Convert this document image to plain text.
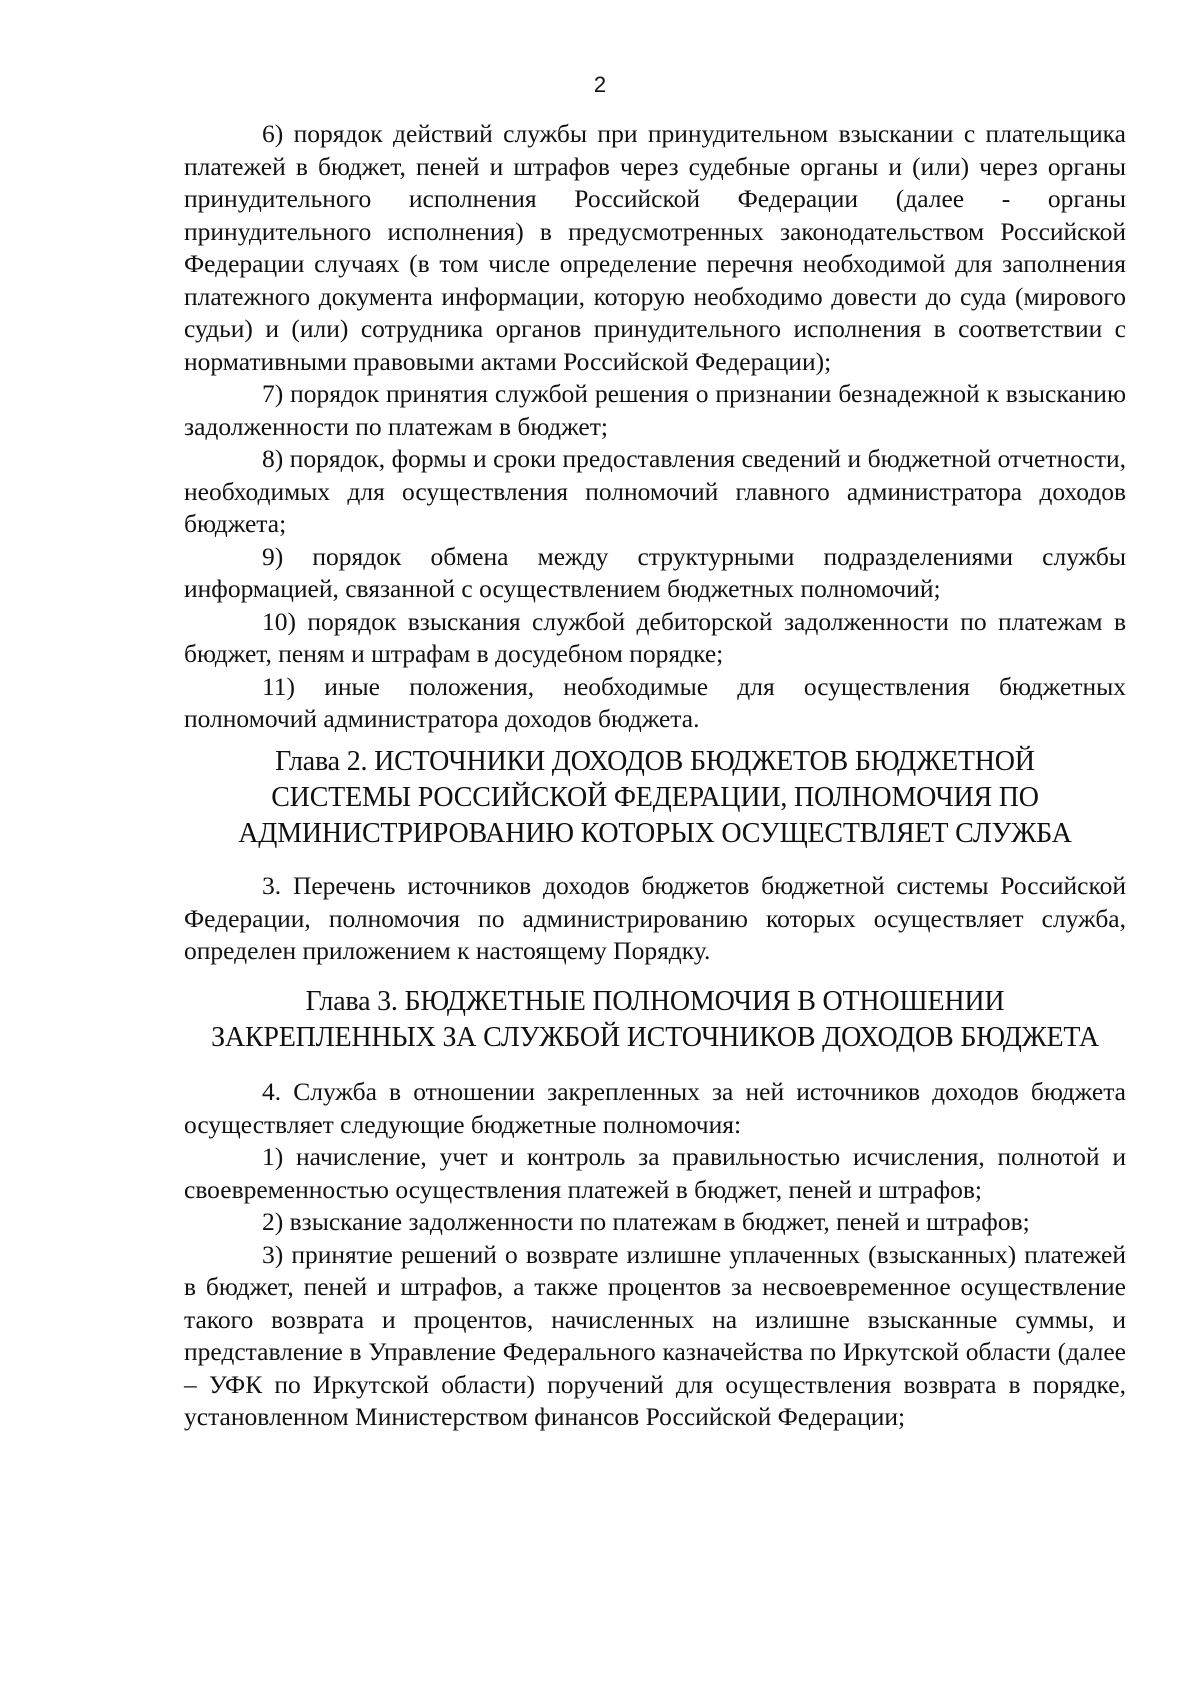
2

6) порядок действий службы при принудительном взыскании с плательщика платежей в бюджет, пеней и штрафов через судебные органы и (или) через органы принудительного исполнения Российской Федерации (далее - органы принудительного исполнения) в предусмотренных законодательством Российской Федерации случаях (в том числе определение перечня необходимой для заполнения платежного документа информации, которую необходимо довести до суда (мирового судьи) и (или) сотрудника органов принудительного исполнения в соответствии с нормативными правовыми актами Российской Федерации);

7) порядок принятия службой решения о признании безнадежной к взысканию задолженности по платежам в бюджет;

8) порядок, формы и сроки предоставления сведений и бюджетной отчетности, необходимых для осуществления полномочий главного администратора доходов бюджета;

9) порядок обмена между структурными подразделениями службы информацией, связанной с осуществлением бюджетных полномочий;

10) порядок взыскания службой дебиторской задолженности по платежам в бюджет, пеням и штрафам в досудебном порядке;

11) иные положения, необходимые для осуществления бюджетных полномочий администратора доходов бюджета.

Глава 2. ИСТОЧНИКИ ДОХОДОВ БЮДЖЕТОВ БЮДЖЕТНОЙ
СИСТЕМЫ РОССИЙСКОЙ ФЕДЕРАЦИИ, ПОЛНОМОЧИЯ ПО
АДМИНИСТРИРОВАНИЮ КОТОРЫХ ОСУЩЕСТВЛЯЕТ СЛУЖБА

3. Перечень источников доходов бюджетов бюджетной системы Российской Федерации, полномочия по администрированию которых осуществляет служба, определен приложением к настоящему Порядку.

Глава 3. БЮДЖЕТНЫЕ ПОЛНОМОЧИЯ В ОТНОШЕНИИ
ЗАКРЕПЛЕННЫХ ЗА СЛУЖБОЙ ИСТОЧНИКОВ ДОХОДОВ БЮДЖЕТА

4. Служба в отношении закрепленных за ней источников доходов бюджета осуществляет следующие бюджетные полномочия:

1) начисление, учет и контроль за правильностью исчисления, полнотой и своевременностью осуществления платежей в бюджет, пеней и штрафов;

2) взыскание задолженности по платежам в бюджет, пеней и штрафов;

3) принятие решений о возврате излишне уплаченных (взысканных) платежей в бюджет, пеней и штрафов, а также процентов за несвоевременное осуществление такого возврата и процентов, начисленных на излишне взысканные суммы, и представление в Управление Федерального казначейства по Иркутской области (далее – УФК по Иркутской области) поручений для осуществления возврата в порядке, установленном Министерством финансов Российской Федерации;
